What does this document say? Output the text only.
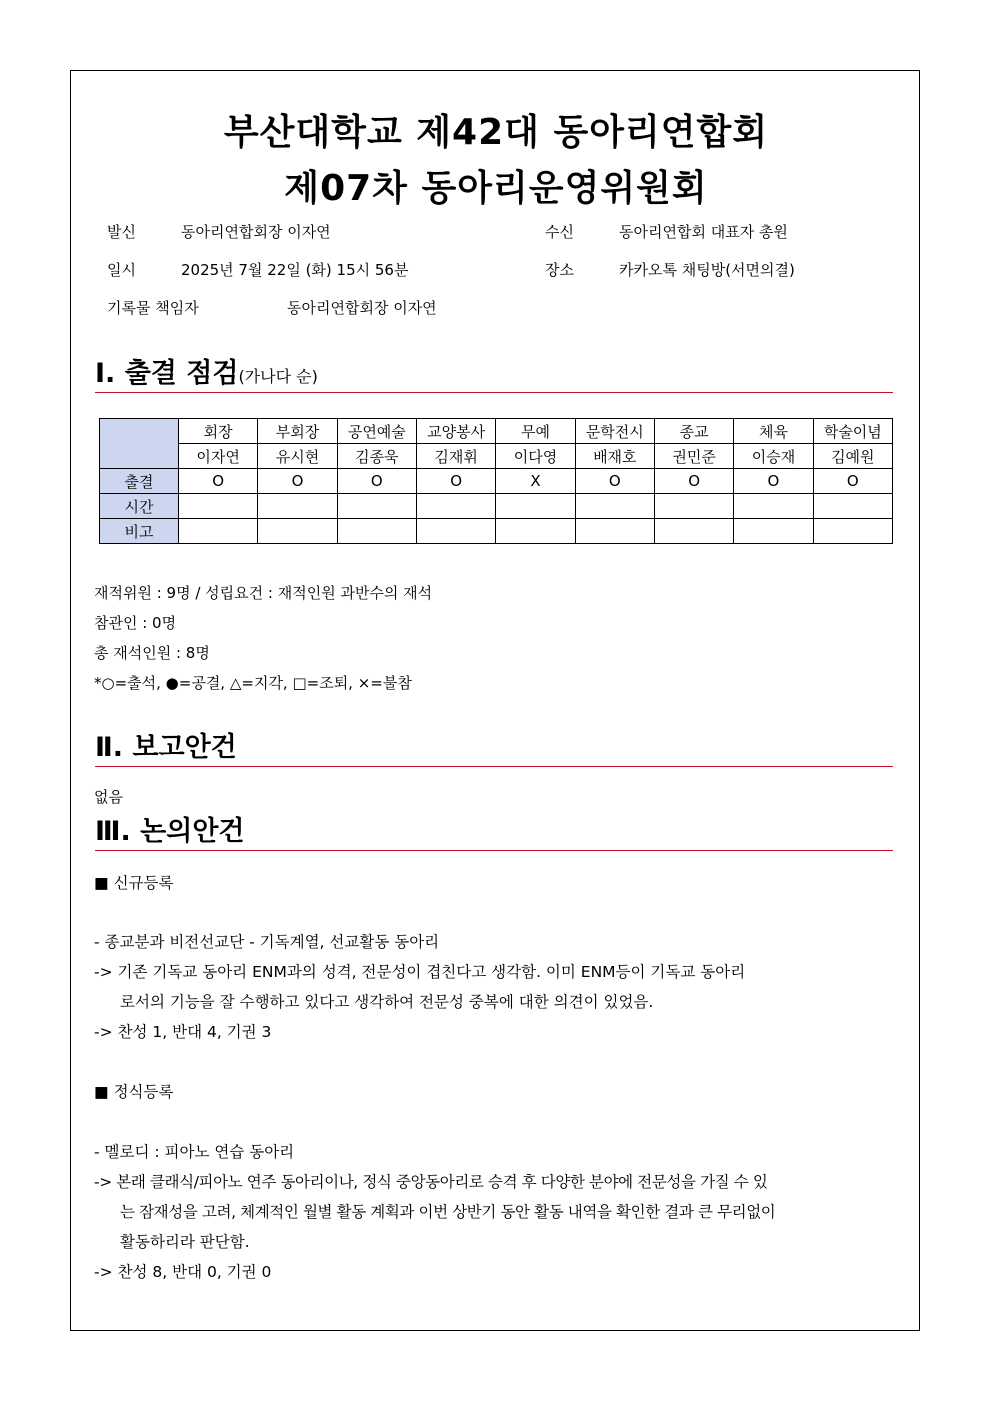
부산대학교 제42대 동아리연합회
제07차 동아리운영위원회
발신	동아리연합회장 이자연	수신	동아리연합회 대표자 총원
일시	2025년 7월 22일 (화) 15시 56분	장소	카카오톡 채팅방(서면의결)
기록물 책임자	동아리연합회장 이자연
Ⅰ. 출결 점검(가나다 순)
	회장	부회장	공연예술	교양봉사	무예	문학전시	종교	체육	학술이념
	이자연	유시현	김종욱	김재휘	이다영	배재호	권민준	이승재	김예원
출결	O	O	O	O	X	O	O	O	O
시간									
비고									
재적위원 : 9명 / 성립요건 : 재적인원 과반수의 재석
참관인 : 0명
총 재석인원 : 8명
*○=출석, ●=공결, △=지각, □=조퇴, ×=불참
Ⅱ. 보고안건
없음
Ⅲ. 논의안건
■ 신규등록
- 종교분과 비전선교단 - 기독계열, 선교활동 동아리
-> 기존 기독교 동아리 ENM과의 성격, 전문성이 겹친다고 생각함. 이미 ENM등이 기독교 동아리
로서의 기능을 잘 수행하고 있다고 생각하여 전문성 중복에 대한 의견이 있었음.
-> 찬성 1, 반대 4, 기권 3
■ 정식등록
- 멜로디 : 피아노 연습 동아리
-> 본래 클래식/피아노 연주 동아리이나, 정식 중앙동아리로 승격 후 다양한 분야에 전문성을 가질 수 있
는 잠재성을 고려, 체계적인 월별 활동 계획과 이번 상반기 동안 활동 내역을 확인한 결과 큰 무리없이
활동하리라 판단함.
-> 찬성 8, 반대 0, 기권 0
